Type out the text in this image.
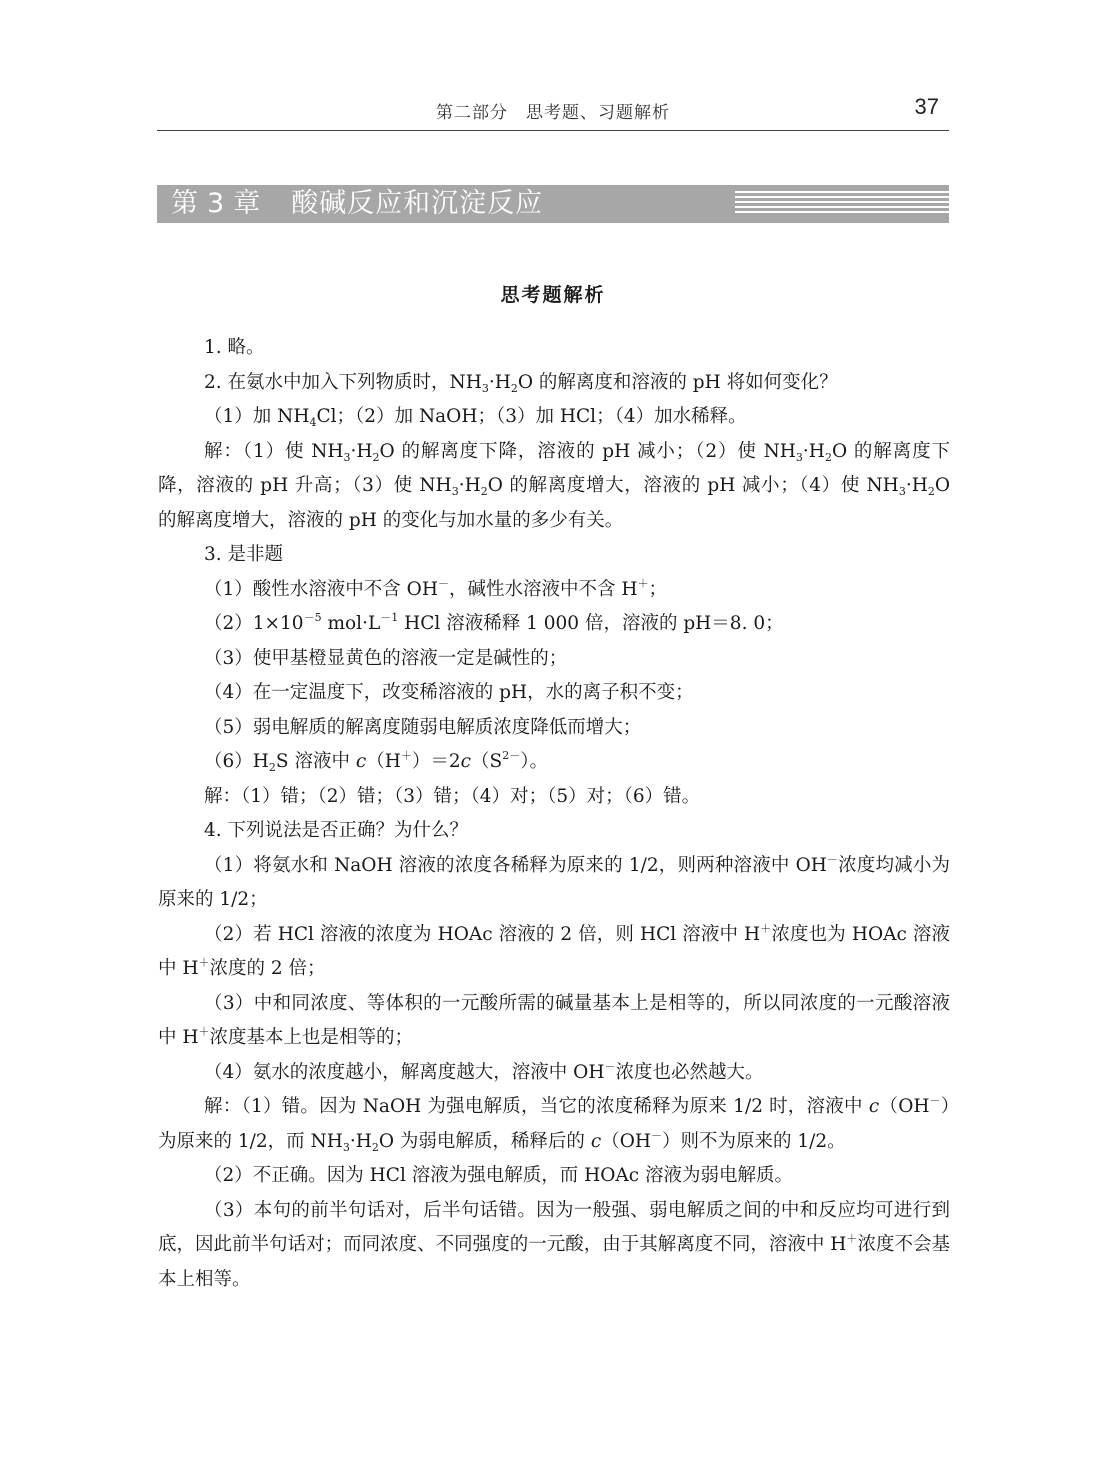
第二部分　思考题、习题解析	37
第 3 章 酸碱反应和沉淀反应
思考题解析

1. 略。

2. 在氨水中加入下列物质时，$NH_3\cdot H_2O$ 的解离度和溶液的 pH 将如何变化？

（1）加 $NH_4Cl$；（2）加 NaOH；（3）加 HCl；（4）加水稀释。

解：（1）使 $NH_3\cdot H_2O$ 的解离度下降，溶液的 pH 减小；（2）使 $NH_3\cdot H_2O$ 的解离度下降，溶液的 pH 升高；（3）使 $NH_3\cdot H_2O$ 的解离度增大，溶液的 pH 减小；（4）使 $NH_3\cdot H_2O$ 的解离度增大，溶液的 pH 的变化与加水量的多少有关。

3. 是非题

（1）酸性水溶液中不含 OH－，碱性水溶液中不含 H＋；

$(2)1\times 10^{-5}$ $mol\cdot L^{-1}$ HCl 溶液稀释 1 000 倍，溶液的 pH＝8. 0；

（3）使甲基橙显黄色的溶液一定是碱性的；

（4）在一定温度下，改变稀溶液的 pH，水的离子积不变；

（5）弱电解质的解离度随弱电解质浓度降低而增大；

$(6)H_2S$ 溶液中 $c(H^+)=2c(S^{2-})$。

解：（1）错；（2）错；（3）错；（4）对；（5）对；（6）错。

4. 下列说法是否正确？为什么？

（1）将氨水和 NaOH 溶液的浓度各稀释为原来的 1/2，则两种溶液中 OH－浓度均减小为原来的 1/2；

（2）若 HCl 溶液的浓度为 HOAc 溶液的 2 倍，则 HCl 溶液中 H＋浓度也为 HOAc 溶液中 H＋浓度的 2 倍；

（3）中和同浓度、等体积的一元酸所需的碱量基本上是相等的，所以同浓度的一元酸溶液中 H＋浓度基本上也是相等的；

（4）氨水的浓度越小，解离度越大，溶液中 OH－浓度也必然越大。

解：（1）错。因为 NaOH 为强电解质，当它的浓度稀释为原来 1/2 时，溶液中 c（OH－）为原来的 1/2，而 $NH_3\cdot H_2O$ 为弱电解质，稀释后的 c（OH－）则不为原来的 1/2。

（2）不正确。因为 HCl 溶液为强电解质，而 HOAc 溶液为弱电解质。

（3）本句的前半句话对，后半句话错。因为一般强、弱电解质之间的中和反应均可进行到底，因此前半句话对；而同浓度、不同强度的一元酸，由于其解离度不同，溶液中 H＋浓度不会基本上相等。
